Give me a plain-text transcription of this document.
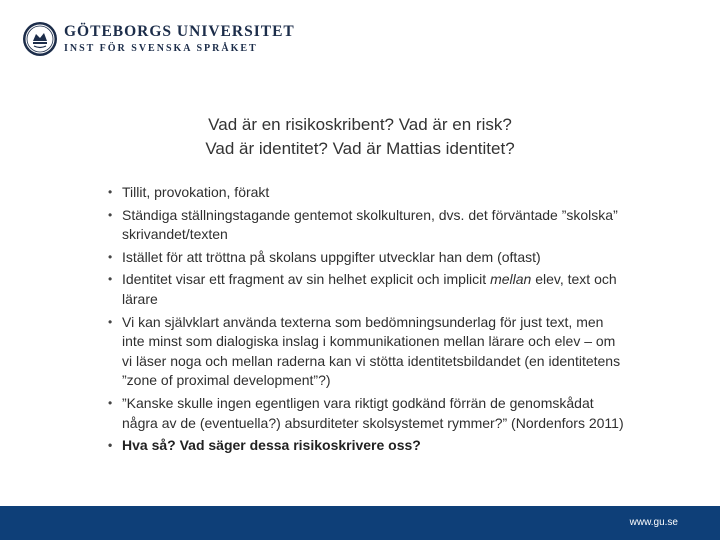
GÖTEBORGS UNIVERSITET
INST FÖR SVENSKA SPRÅKET
Vad är en risikoskribent? Vad är en risk?
Vad är identitet? Vad är Mattias identitet?
• Tillit, provokation, förakt
• Ständiga ställningstagande gentemot skolkulturen, dvs. det förväntade ”skolska” skrivandet/texten
• Istället för att tröttna på skolans uppgifter utvecklar han dem (oftast)
• Identitet visar ett fragment av sin helhet explicit och implicit mellan elev, text och lärare
• Vi kan självklart använda texterna som bedömningsunderlag för just text, men inte minst som dialogiska inslag i kommunikationen mellan lärare och elev – om vi läser noga och mellan raderna kan vi stötta identitetsbildandet (en identitetens ”zone of proximal development”?)
• ”Kanske skulle ingen egentligen vara riktigt godkänd förrän de genomskådat några av de (eventuella?) absurditeter skolsystemet rymmer?” (Nordenfors 2011)
• Hva så? Vad säger dessa risikoskrivere oss?
www.gu.se
